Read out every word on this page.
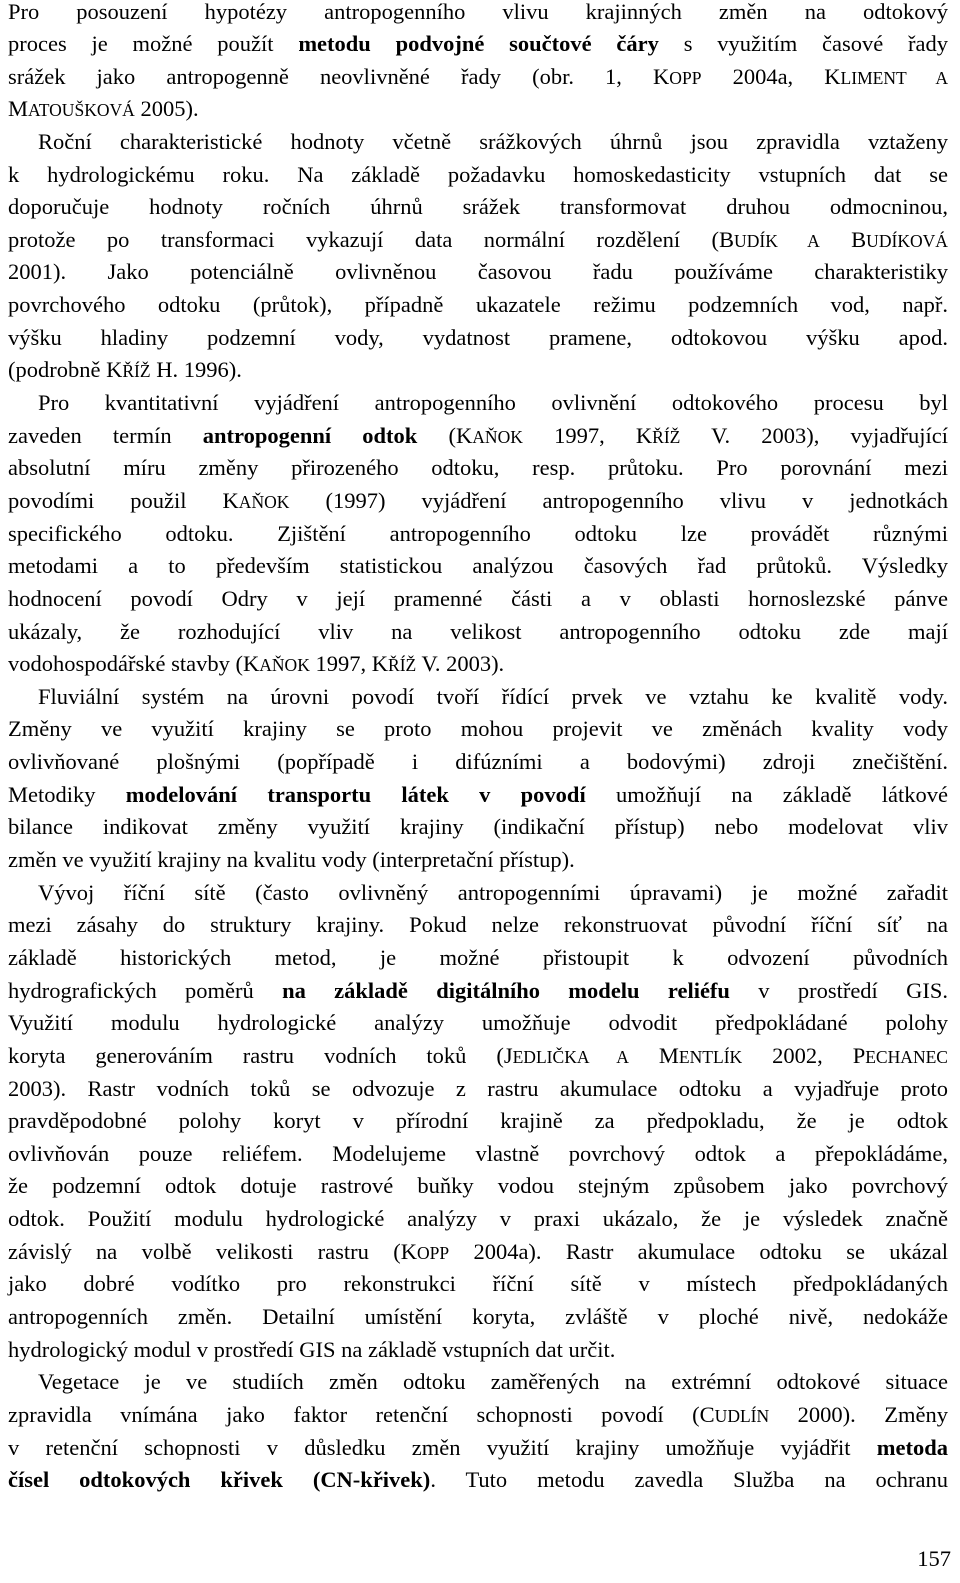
Pro posouzení hypotézy antropogenního vlivu krajinných změn na odtokový
proces je možné použít metodu podvojné součtové čáry s využitím časové řady
srážek jako antropogenně neovlivněné řady (obr. 1, KOPP 2004a, KLIMENT A
MATOUŠKOVÁ 2005).

Roční charakteristické hodnoty včetně srážkových úhrnů jsou zpravidla vztaženy
k hydrologickému roku. Na základě požadavku homoskedasticity vstupních dat se
doporučuje hodnoty ročních úhrnů srážek transformovat druhou odmocninou,
protože po transformaci vykazují data normální rozdělení (BUDÍK A BUDÍKOVÁ
2001). Jako potenciálně ovlivněnou časovou řadu používáme charakteristiky
povrchového odtoku (průtok), případně ukazatele režimu podzemních vod, např.
výšku hladiny podzemní vody, vydatnost pramene, odtokovou výšku apod.
(podrobně KŘÍŽ H. 1996).

Pro kvantitativní vyjádření antropogenního ovlivnění odtokového procesu byl
zaveden termín antropogenní odtok (KAŇOK 1997, KŘÍŽ V. 2003), vyjadřující
absolutní míru změny přirozeného odtoku, resp. průtoku. Pro porovnání mezi
povodími použil KAŇOK (1997) vyjádření antropogenního vlivu v jednotkách
specifického odtoku. Zjištění antropogenního odtoku lze provádět různými
metodami a to především statistickou analýzou časových řad průtoků. Výsledky
hodnocení povodí Odry v její pramenné části a v oblasti hornoslezské pánve
ukázaly, že rozhodující vliv na velikost antropogenního odtoku zde mají
vodohospodářské stavby (KAŇOK 1997, KŘÍŽ V. 2003).

Fluviální systém na úrovni povodí tvoří řídící prvek ve vztahu ke kvalitě vody.
Změny ve využití krajiny se proto mohou projevit ve změnách kvality vody
ovlivňované plošnými (popřípadě i difúzními a bodovými) zdroji znečištění.
Metodiky modelování transportu látek v povodí umožňují na základě látkové
bilance indikovat změny využití krajiny (indikační přístup) nebo modelovat vliv
změn ve využití krajiny na kvalitu vody (interpretační přístup).

Vývoj říční sítě (často ovlivněný antropogenními úpravami) je možné zařadit
mezi zásahy do struktury krajiny. Pokud nelze rekonstruovat původní říční síť na
základě historických metod, je možné přistoupit k odvození původních
hydrografických poměrů na základě digitálního modelu reliéfu v prostředí GIS.
Využití modulu hydrologické analýzy umožňuje odvodit předpokládané polohy
koryta generováním rastru vodních toků (JEDLIČKA A MENTLÍK 2002, PECHANEC
2003). Rastr vodních toků se odvozuje z rastru akumulace odtoku a vyjadřuje proto
pravděpodobné polohy koryt v přírodní krajině za předpokladu, že je odtok
ovlivňován pouze reliéfem. Modelujeme vlastně povrchový odtok a přepokládáme,
že podzemní odtok dotuje rastrové buňky vodou stejným způsobem jako povrchový
odtok. Použití modulu hydrologické analýzy v praxi ukázalo, že je výsledek značně
závislý na volbě velikosti rastru (KOPP 2004a). Rastr akumulace odtoku se ukázal
jako dobré vodítko pro rekonstrukci říční sítě v místech předpokládaných
antropogenních změn. Detailní umístění koryta, zvláště v ploché nivě, nedokáže
hydrologický modul v prostředí GIS na základě vstupních dat určit.

Vegetace je ve studiích změn odtoku zaměřených na extrémní odtokové situace
zpravidla vnímána jako faktor retenční schopnosti povodí (CUDLÍN 2000). Změny
v retenční schopnosti v důsledku změn využití krajiny umožňuje vyjádřit metoda
čísel odtokových křivek (CN-křivek). Tuto metodu zavedla Služba na ochranu

157
